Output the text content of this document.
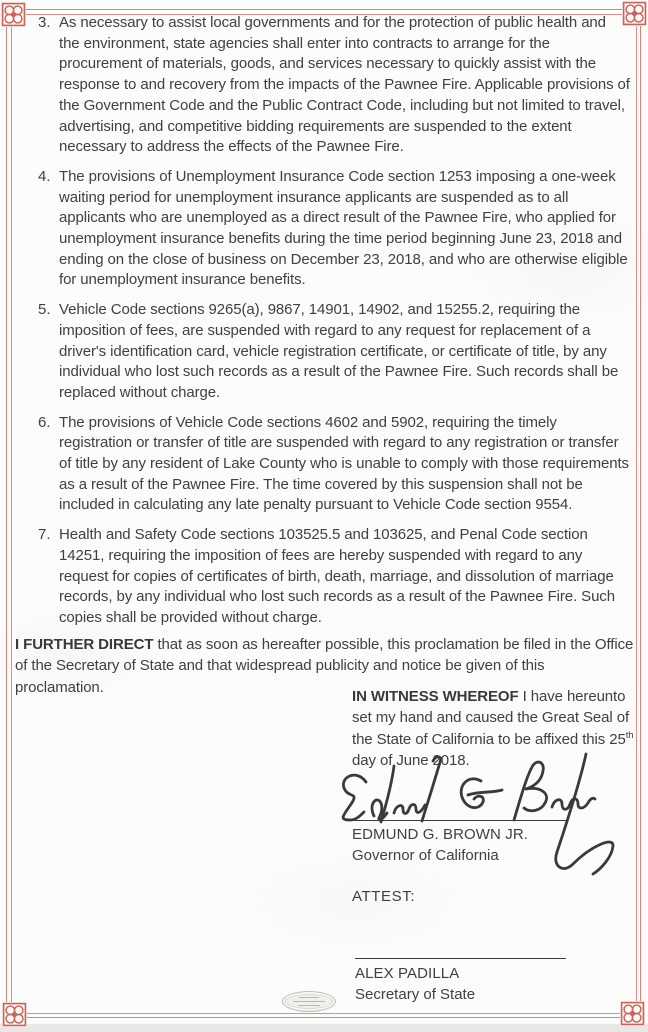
3. As necessary to assist local governments and for the protection of public health and the environment, state agencies shall enter into contracts to arrange for the procurement of materials, goods, and services necessary to quickly assist with the response to and recovery from the impacts of the Pawnee Fire. Applicable provisions of the Government Code and the Public Contract Code, including but not limited to travel, advertising, and competitive bidding requirements are suspended to the extent necessary to address the effects of the Pawnee Fire.
4. The provisions of Unemployment Insurance Code section 1253 imposing a one-week waiting period for unemployment insurance applicants are suspended as to all applicants who are unemployed as a direct result of the Pawnee Fire, who applied for unemployment insurance benefits during the time period beginning June 23, 2018 and ending on the close of business on December 23, 2018, and who are otherwise eligible for unemployment insurance benefits.
5. Vehicle Code sections 9265(a), 9867, 14901, 14902, and 15255.2, requiring the imposition of fees, are suspended with regard to any request for replacement of a driver's identification card, vehicle registration certificate, or certificate of title, by any individual who lost such records as a result of the Pawnee Fire. Such records shall be replaced without charge.
6. The provisions of Vehicle Code sections 4602 and 5902, requiring the timely registration or transfer of title are suspended with regard to any registration or transfer of title by any resident of Lake County who is unable to comply with those requirements as a result of the Pawnee Fire. The time covered by this suspension shall not be included in calculating any late penalty pursuant to Vehicle Code section 9554.
7. Health and Safety Code sections 103525.5 and 103625, and Penal Code section 14251, requiring the imposition of fees are hereby suspended with regard to any request for copies of certificates of birth, death, marriage, and dissolution of marriage records, by any individual who lost such records as a result of the Pawnee Fire. Such copies shall be provided without charge.
I FURTHER DIRECT that as soon as hereafter possible, this proclamation be filed in the Office of the Secretary of State and that widespread publicity and notice be given of this proclamation.
IN WITNESS WHEREOF I have hereunto set my hand and caused the Great Seal of the State of California to be affixed this 25th day of June 2018.
EDMUND G. BROWN JR.
Governor of California
ATTEST:
ALEX PADILLA
Secretary of State
